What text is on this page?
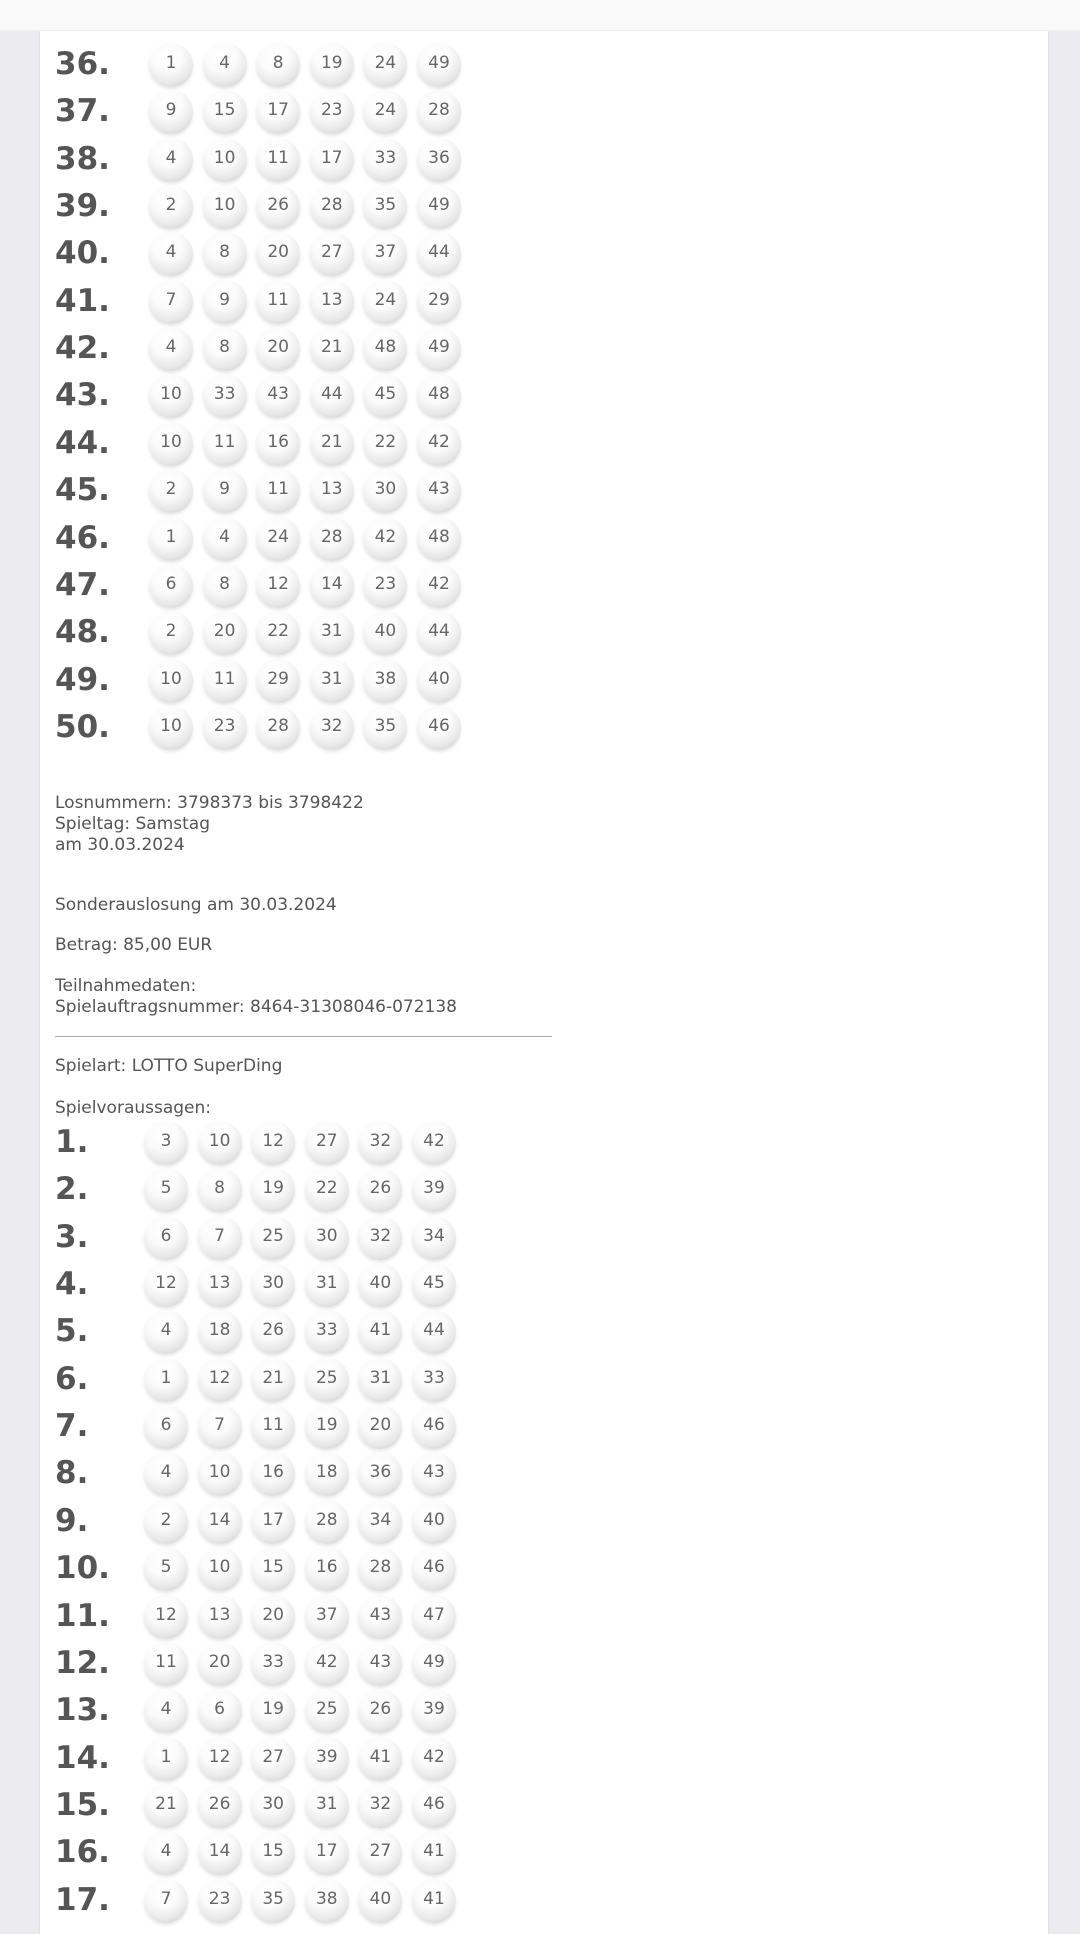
36.	1	4	8	19	24	49
37.	9	15	17	23	24	28
38.	4	10	11	17	33	36
39.	2	10	26	28	35	49
40.	4	8	20	27	37	44
41.	7	9	11	13	24	29
42.	4	8	20	21	48	49
43.	10	33	43	44	45	48
44.	10	11	16	21	22	42
45.	2	9	11	13	30	43
46.	1	4	24	28	42	48
47.	6	8	12	14	23	42
48.	2	20	22	31	40	44
49.	10	11	29	31	38	40
50.	10	23	28	32	35	46
Losnummern: 3798373 bis 3798422
Spieltag: Samstag
am 30.03.2024
Sonderauslosung am 30.03.2024
Betrag: 85,00 EUR
Teilnahmedaten:
Spielauftragsnummer: 8464-31308046-072138
Spielart: LOTTO SuperDing
Spielvoraussagen:
1.	3	10	12	27	32	42
2.	5	8	19	22	26	39
3.	6	7	25	30	32	34
4.	12	13	30	31	40	45
5.	4	18	26	33	41	44
6.	1	12	21	25	31	33
7.	6	7	11	19	20	46
8.	4	10	16	18	36	43
9.	2	14	17	28	34	40
10.	5	10	15	16	28	46
11.	12	13	20	37	43	47
12.	11	20	33	42	43	49
13.	4	6	19	25	26	39
14.	1	12	27	39	41	42
15.	21	26	30	31	32	46
16.	4	14	15	17	27	41
17.	7	23	35	38	40	41
